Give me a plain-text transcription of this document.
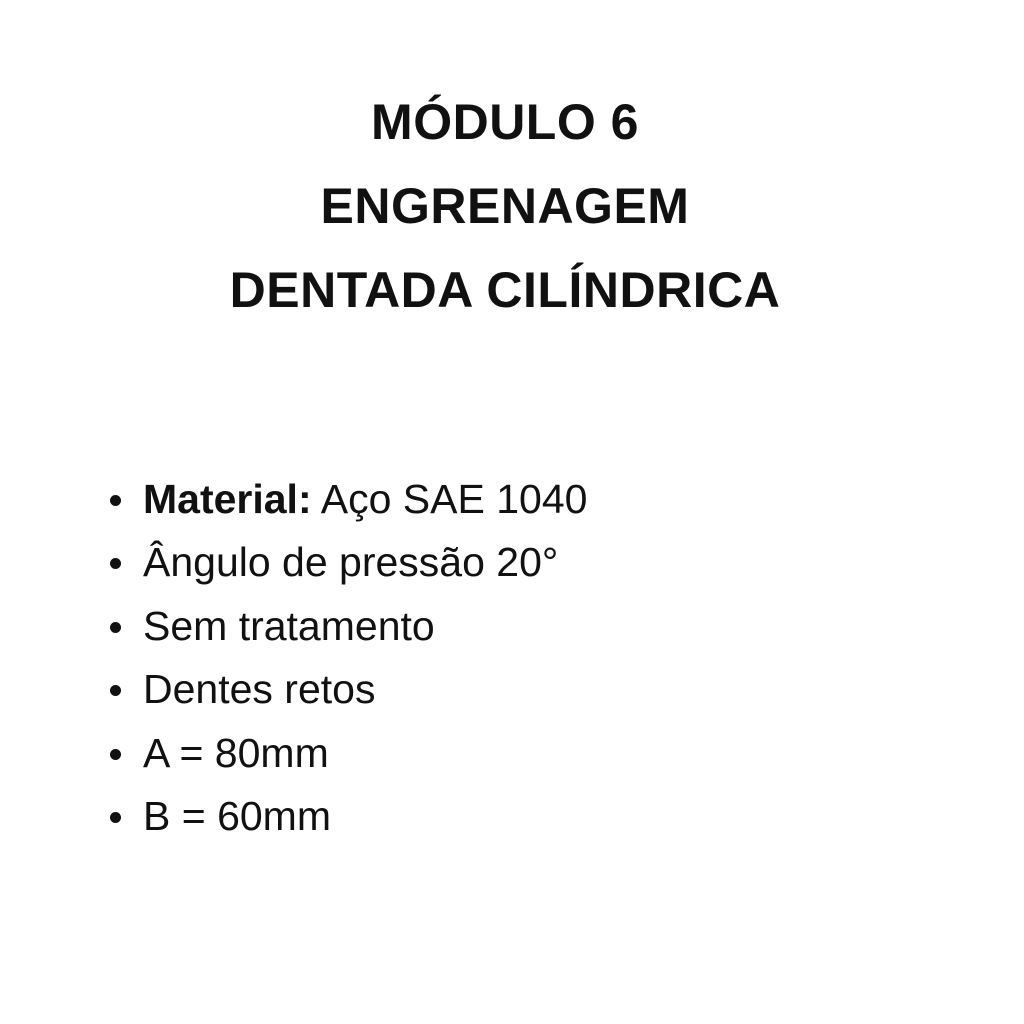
MÓDULO 6
ENGRENAGEM
DENTADA CILÍNDRICA
Material: Aço SAE 1040
Ângulo de pressão 20°
Sem tratamento
Dentes retos
A = 80mm
B = 60mm
